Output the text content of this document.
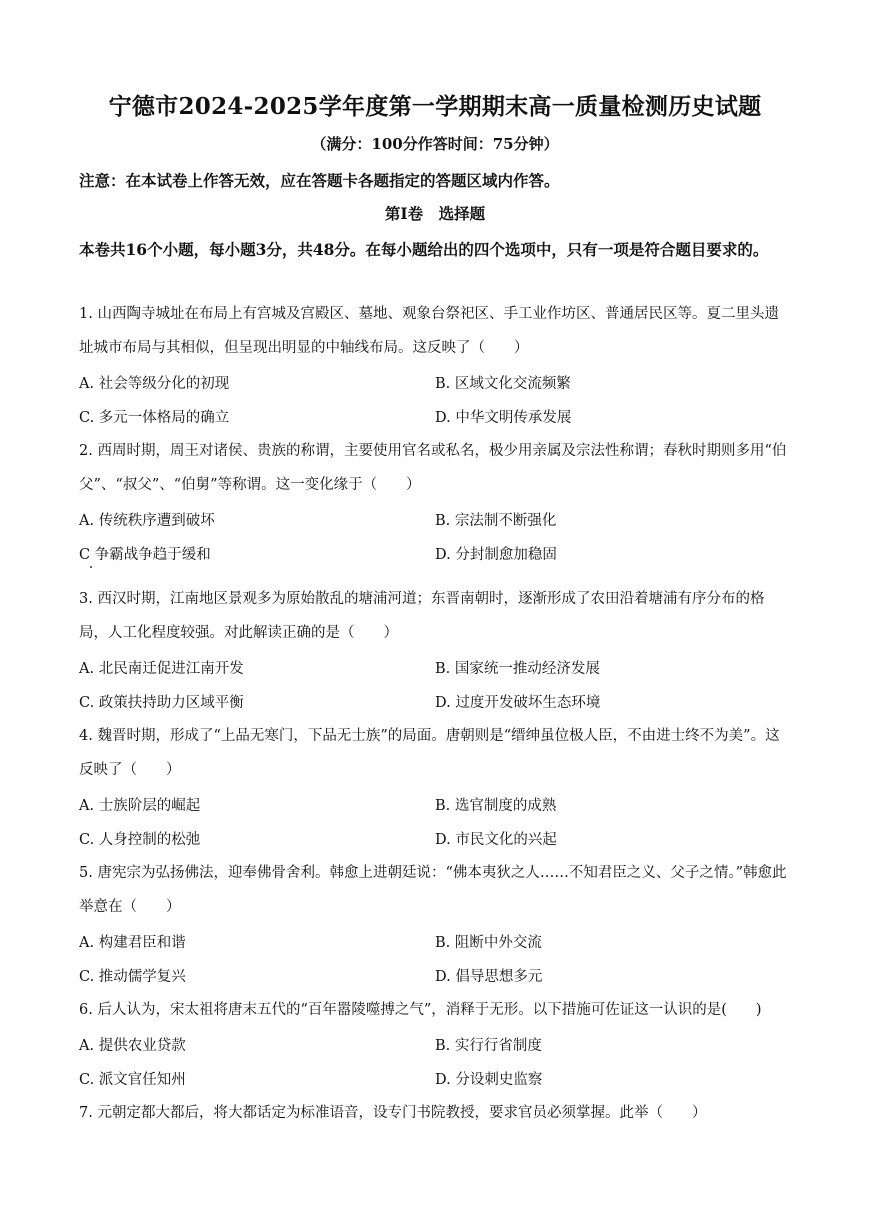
宁德市2024-2025学年度第一学期期末高一质量检测历史试题
（满分：100分作答时间：75分钟）
注意：在本试卷上作答无效，应在答题卡各题指定的答题区域内作答。
第Ⅰ卷　选择题
本卷共16个小题，每小题3分，共48分。在每小题给出的四个选项中，只有一项是符合题目要求的。
1. 山西陶寺城址在布局上有宫城及宫殿区、墓地、观象台祭祀区、手工业作坊区、普通居民区等。夏二里头遗址城市布局与其相似，但呈现出明显的中轴线布局。这反映了（　　）
A. 社会等级分化的初现	B. 区域文化交流频繁
C. 多元一体格局的确立	D. 中华文明传承发展
2. 西周时期，周王对诸侯、贵族的称谓，主要使用官名或私名，极少用亲属及宗法性称谓；春秋时期则多用“伯父”、“叔父”、“伯舅”等称谓。这一变化缘于（　　）
A. 传统秩序遭到破坏	B. 宗法制不断强化
C 争霸战争趋于缓和	D. 分封制愈加稳固
3. 西汉时期，江南地区景观多为原始散乱的塘浦河道；东晋南朝时，逐渐形成了农田沿着塘浦有序分布的格局，人工化程度较强。对此解读正确的是（　　）
A. 北民南迁促进江南开发	B. 国家统一推动经济发展
C. 政策扶持助力区域平衡	D. 过度开发破坏生态环境
4. 魏晋时期，形成了“上品无寒门，下品无士族”的局面。唐朝则是“缙绅虽位极人臣，不由进士终不为美”。这反映了（　　）
A. 士族阶层的崛起	B. 选官制度的成熟
C. 人身控制的松弛	D. 市民文化的兴起
5. 唐宪宗为弘扬佛法，迎奉佛骨舍利。韩愈上进朝廷说：“佛本夷狄之人……不知君臣之义、父子之情。”韩愈此举意在（　　）
A. 构建君臣和谐	B. 阻断中外交流
C. 推动儒学复兴	D. 倡导思想多元
6. 后人认为，宋太祖将唐末五代的“百年嚣陵噬搏之气”，消释于无形。以下措施可佐证这一认识的是(　　)
A. 提供农业贷款	B. 实行行省制度
C. 派文官任知州	D. 分设刺史监察
7. 元朝定都大都后，将大都话定为标准语音，设专门书院教授，要求官员必须掌握。此举（　　）
